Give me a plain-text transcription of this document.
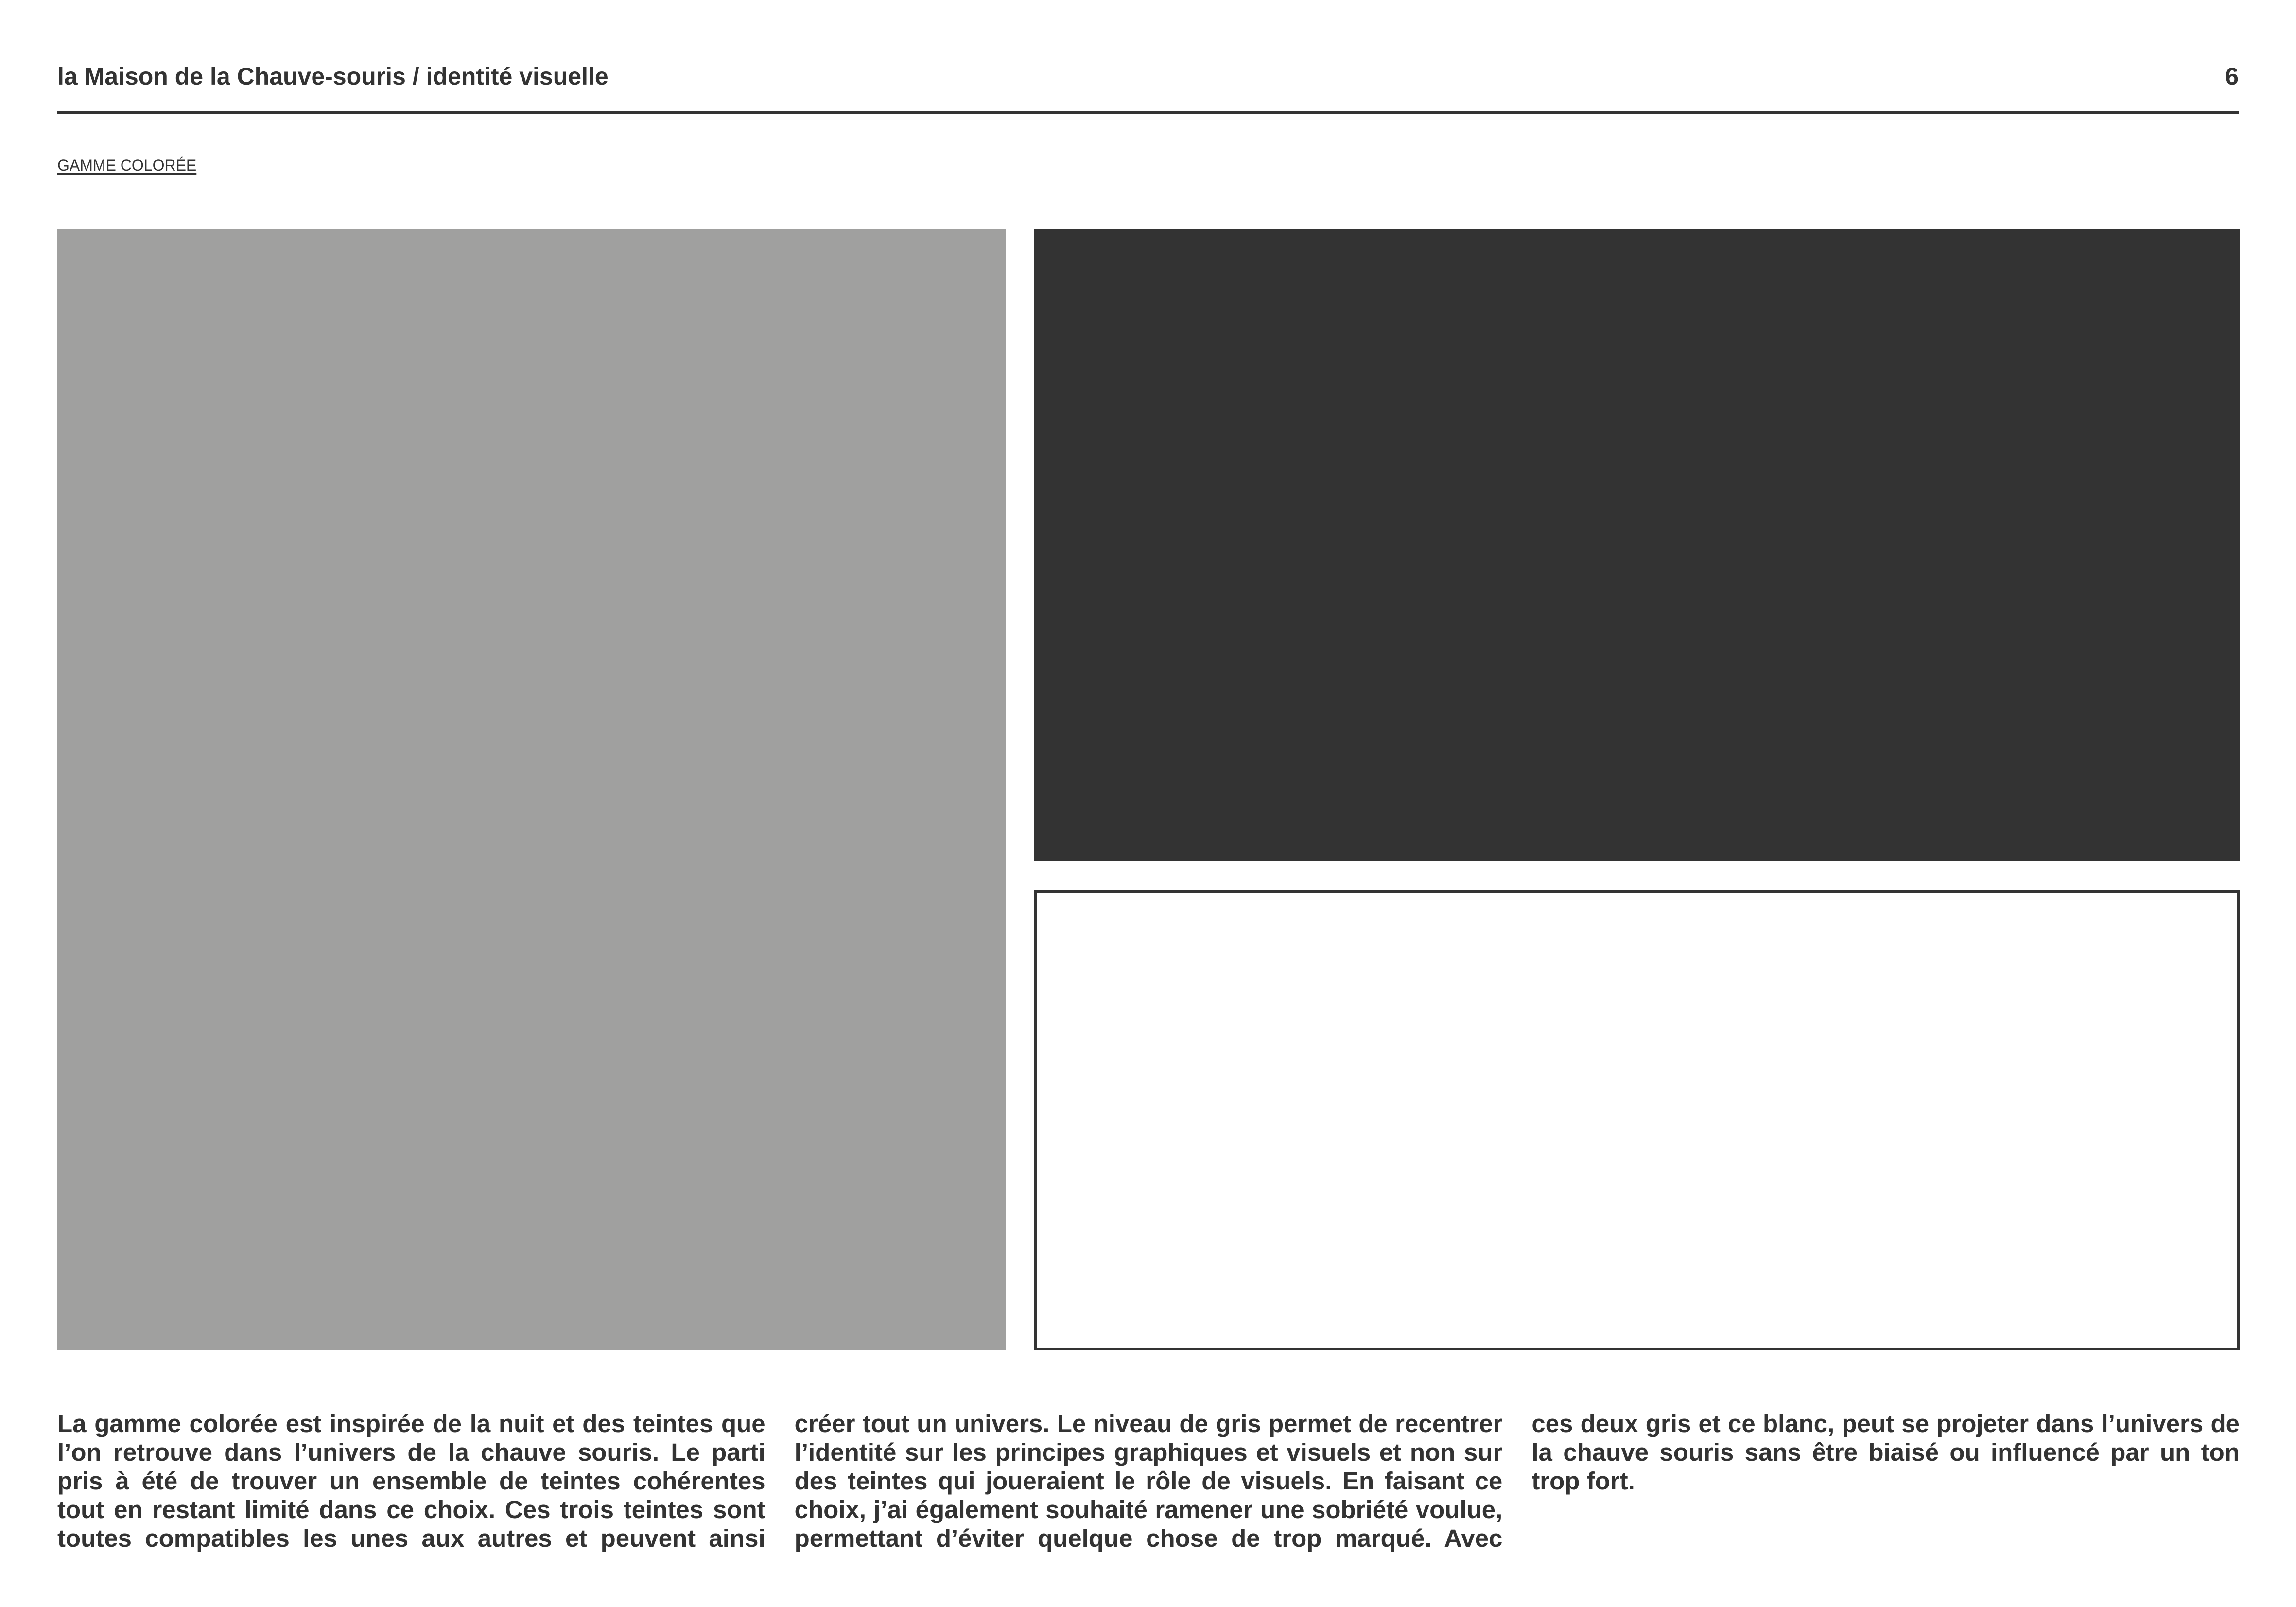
la Maison de la Chauve-souris / identité visuelle	6
GAMME COLORÉE
La gamme colorée est inspirée de la nuit et des teintes que l’on retrouve dans l’univers de la chauve souris. Le parti pris à été de trouver un ensemble de teintes cohérentes tout en restant limité dans ce choix. Ces trois teintes sont toutes compatibles les unes aux autres et peuvent ainsi créer tout un univers. Le niveau de gris permet de recentrer l’identité sur les principes graphiques et visuels et non sur des teintes qui joueraient le rôle de visuels. En faisant ce choix, j’ai également souhaité ramener une sobriété voulue, permettant d’éviter quelque chose de trop marqué. Avec ces deux gris et ce blanc, peut se projeter dans l’univers de la chauve souris sans être biaisé ou influencé par un ton trop fort.
